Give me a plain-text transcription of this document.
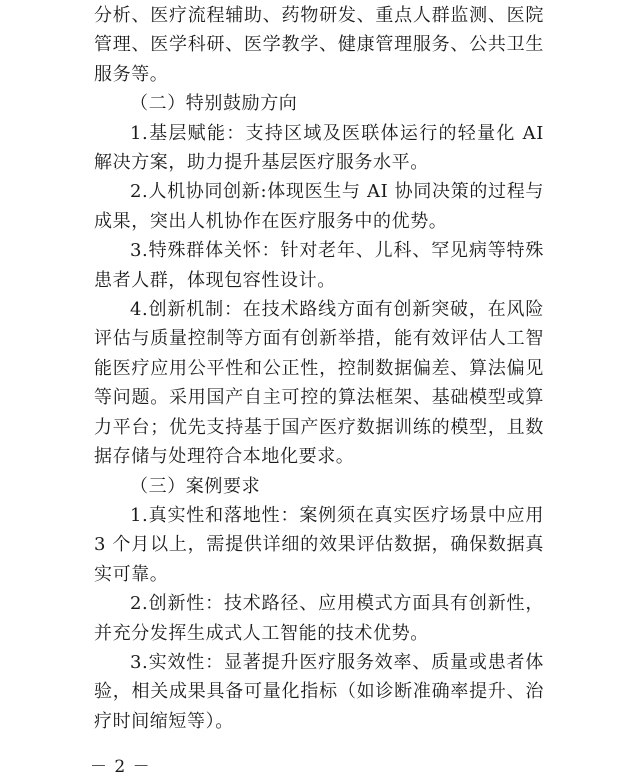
分析、医疗流程辅助、药物研发、重点人群监测、医院管理、医学科研、医学教学、健康管理服务、公共卫生服务等。

（二）特别鼓励方向

1.基层赋能：支持区域及医联体运行的轻量化 AI 解决方案，助力提升基层医疗服务水平。

2.人机协同创新:体现医生与 AI 协同决策的过程与成果，突出人机协作在医疗服务中的优势。

3.特殊群体关怀：针对老年、儿科、罕见病等特殊患者人群，体现包容性设计。

4.创新机制：在技术路线方面有创新突破，在风险评估与质量控制等方面有创新举措，能有效评估人工智能医疗应用公平性和公正性，控制数据偏差、算法偏见等问题。采用国产自主可控的算法框架、基础模型或算力平台；优先支持基于国产医疗数据训练的模型，且数据存储与处理符合本地化要求。

（三）案例要求

1.真实性和落地性：案例须在真实医疗场景中应用 3 个月以上，需提供详细的效果评估数据，确保数据真实可靠。

2.创新性：技术路径、应用模式方面具有创新性，并充分发挥生成式人工智能的技术优势。

3.实效性：显著提升医疗服务效率、质量或患者体验，相关成果具备可量化指标（如诊断准确率提升、治疗时间缩短等）。

－ 2 －
